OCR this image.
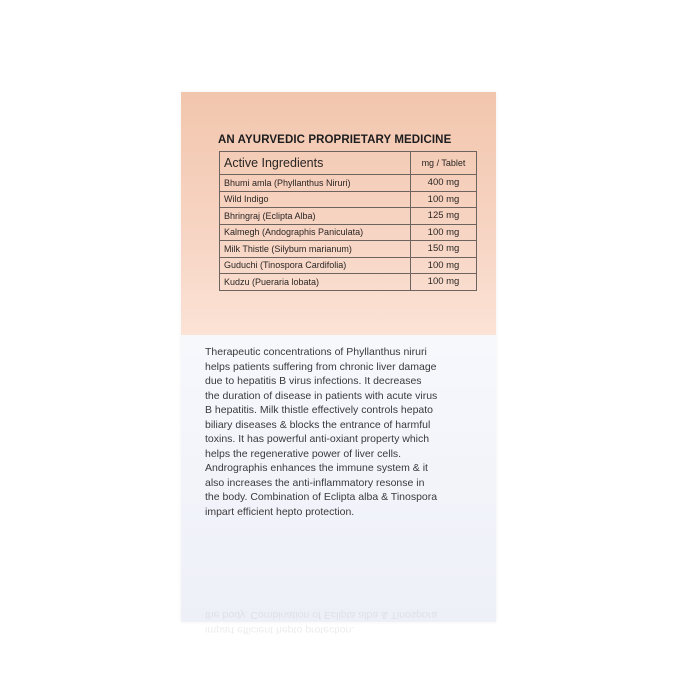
AN AYURVEDIC PROPRIETARY MEDICINE
Active Ingredients	mg / Tablet
Bhumi amla (Phyllanthus Niruri)	400 mg
Wild Indigo	100 mg
Bhringraj (Eclipta Alba)	125 mg
Kalmegh (Andographis Paniculata)	100 mg
Milk Thistle (Silybum marianum)	150 mg
Guduchi (Tinospora Cardifolia)	100 mg
Kudzu (Pueraria lobata)	100 mg

Therapeutic concentrations of Phyllanthus niruri

helps patients suffering from chronic liver damage

due to hepatitis B virus infections. It decreases

the duration of disease in patients with acute virus

B hepatitis. Milk thistle effectively controls hepato

biliary diseases & blocks the entrance of harmful

toxins. It has powerful anti-oxiant property which

helps the regenerative power of liver cells.

Andrographis enhances the immune system & it

also increases the anti-inflammatory resonse in

the body. Combination of Eclipta alba & Tinospora

impart efficient hepto protection.

impart efficient hepto protection.

the body. Combination of Eclipta alba & Tinospora
